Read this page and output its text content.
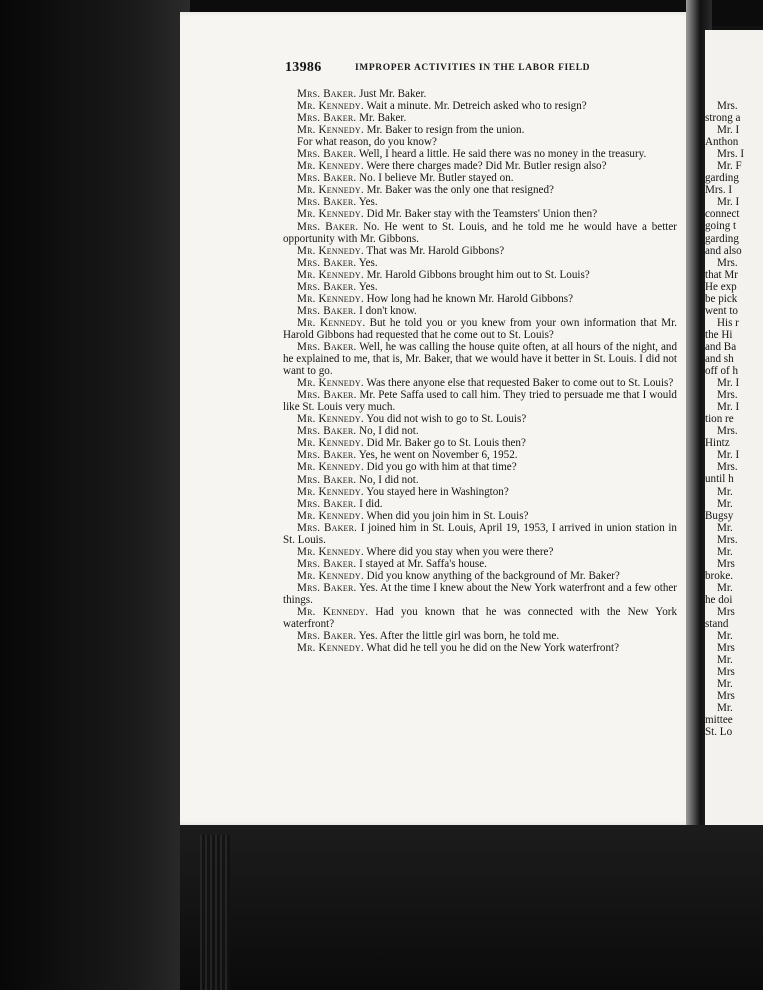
Mrs.
strong a
Mr. I
Anthon
Mrs. I
Mr. F
garding
Mrs. I
Mr. I
connect
going t
garding
and also
Mrs.
that Mr
He exp
be pick
went to
His r
the Hi
and Ba
and sh
off of h
Mr. I
Mrs.
Mr. I
tion re
Mrs.
Hintz
Mr. I
Mrs.
until h
Mr.
Mr.
Bugsy
Mr.
Mrs.
Mr.
Mrs
broke.
Mr.
he doi
Mrs
stand
Mr.
Mrs
Mr.
Mrs
Mr.
Mrs
Mr.
mittee
St. Lo
13986	IMPROPER ACTIVITIES IN THE LABOR FIELD

Mrs. Baker. Just Mr. Baker.

Mr. Kennedy. Wait a minute. Mr. Detreich asked who to resign?

Mrs. Baker. Mr. Baker.

Mr. Kennedy. Mr. Baker to resign from the union.

For what reason, do you know?

Mrs. Baker. Well, I heard a little. He said there was no money in the treasury.

Mr. Kennedy. Were there charges made? Did Mr. Butler resign also?

Mrs. Baker. No. I believe Mr. Butler stayed on.

Mr. Kennedy. Mr. Baker was the only one that resigned?

Mrs. Baker. Yes.

Mr. Kennedy. Did Mr. Baker stay with the Teamsters' Union then?

Mrs. Baker. No. He went to St. Louis, and he told me he would have a better opportunity with Mr. Gibbons.

Mr. Kennedy. That was Mr. Harold Gibbons?

Mrs. Baker. Yes.

Mr. Kennedy. Mr. Harold Gibbons brought him out to St. Louis?

Mrs. Baker. Yes.

Mr. Kennedy. How long had he known Mr. Harold Gibbons?

Mrs. Baker. I don't know.

Mr. Kennedy. But he told you or you knew from your own information that Mr. Harold Gibbons had requested that he come out to St. Louis?

Mrs. Baker. Well, he was calling the house quite often, at all hours of the night, and he explained to me, that is, Mr. Baker, that we would have it better in St. Louis. I did not want to go.

Mr. Kennedy. Was there anyone else that requested Baker to come out to St. Louis?

Mrs. Baker. Mr. Pete Saffa used to call him. They tried to persuade me that I would like St. Louis very much.

Mr. Kennedy. You did not wish to go to St. Louis?

Mrs. Baker. No, I did not.

Mr. Kennedy. Did Mr. Baker go to St. Louis then?

Mrs. Baker. Yes, he went on November 6, 1952.

Mr. Kennedy. Did you go with him at that time?

Mrs. Baker. No, I did not.

Mr. Kennedy. You stayed here in Washington?

Mrs. Baker. I did.

Mr. Kennedy. When did you join him in St. Louis?

Mrs. Baker. I joined him in St. Louis, April 19, 1953, I arrived in union station in St. Louis.

Mr. Kennedy. Where did you stay when you were there?

Mrs. Baker. I stayed at Mr. Saffa's house.

Mr. Kennedy. Did you know anything of the background of Mr. Baker?

Mrs. Baker. Yes. At the time I knew about the New York waterfront and a few other things.

Mr. Kennedy. Had you known that he was connected with the New York waterfront?

Mrs. Baker. Yes. After the little girl was born, he told me.

Mr. Kennedy. What did he tell you he did on the New York waterfront?
